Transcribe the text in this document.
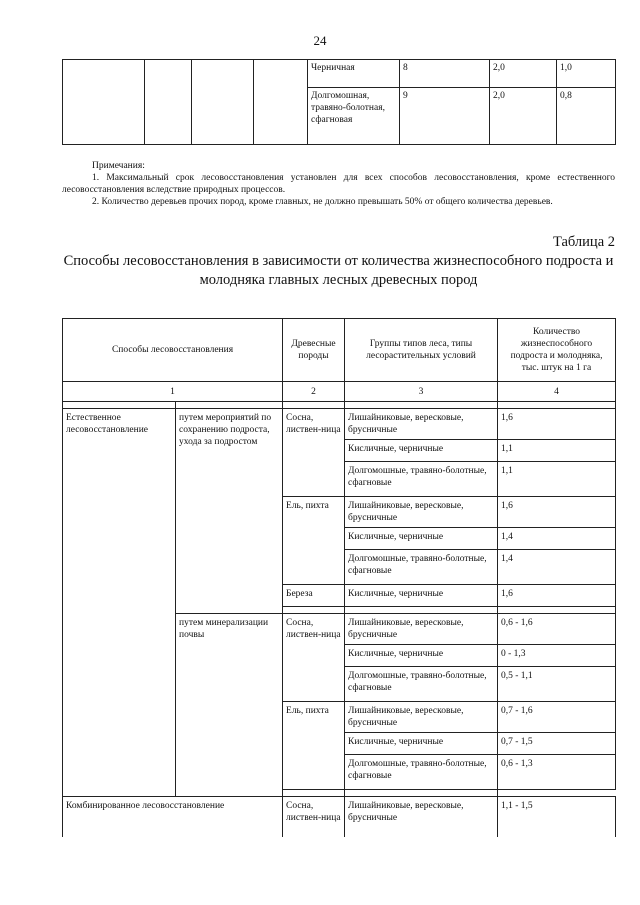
24
				Черничная	8	2,0	1,0
				Долгомошная, травяно-болотная, сфагновая	9	2,0	0,8

Примечания:

1. Максимальный срок лесовосстановления установлен для всех способов лесовосстановления, кроме естественного лесовосстановления вследствие природных процессов.

2. Количество деревьев прочих пород, кроме главных, не должно превышать 50% от общего количества деревьев.

Таблица 2
Способы лесовосстановления в зависимости от количества жизнеспособного подроста и молодняка главных лесных древесных пород
Способы лесовосстановления		Древесные породы	Группы типов леса, типы лесорастительных условий	Количество жизнеспособного подроста и молодняка, тыс. штук на 1 га
1		2	3	4

Естественное лесовосстановление	путем мероприятий по сохранению подроста, ухода за подростом	Сосна, листвен-ница	Лишайниковые, вересковые, брусничные	1,6
			Кисличные, черничные	1,1
			Долгомошные, травяно-болотные, сфагновые	1,1
		Ель, пихта	Лишайниковые, вересковые, брусничные	1,6
			Кисличные, черничные	1,4
			Долгомошные, травяно-болотные, сфагновые	1,4
		Береза	Кисличные, черничные	1,6

	путем минерализации почвы	Сосна, листвен-ница	Лишайниковые, вересковые, брусничные	0,6 - 1,6
			Кисличные, черничные	0 - 1,3
			Долгомошные, травяно-болотные, сфагновые	0,5 - 1,1
		Ель, пихта	Лишайниковые, вересковые, брусничные	0,7 - 1,6
			Кисличные, черничные	0,7 - 1,5
			Долгомошные, травяно-болотные, сфагновые	0,6 - 1,3

Комбинированное лесовосстановление		Сосна, листвен-ница	Лишайниковые, вересковые, брусничные	1,1 - 1,5
